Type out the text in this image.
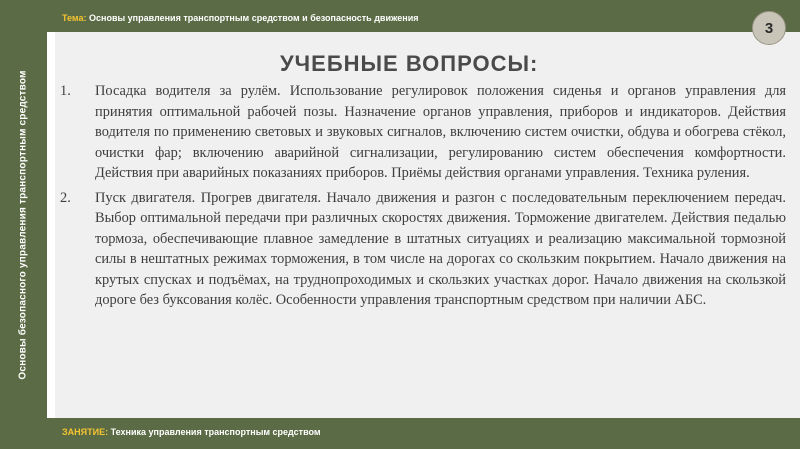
Основы безопасного управления транспортным средством
Тема: Основы управления транспортным средством и безопасность движения
3
УЧЕБНЫЕ ВОПРОСЫ:
1. Посадка водителя за рулём. Использование регулировок положения сиденья и органов управления для принятия оптимальной рабочей позы. Назначение органов управления, приборов и индикаторов. Действия водителя по применению световых и звуковых сигналов, включению систем очистки, обдува и обогрева стёкол, очистки фар; включению аварийной сигнализации, регулированию систем обеспечения комфортности. Действия при аварийных показаниях приборов. Приёмы действия органами управления. Техника руления.
2. Пуск двигателя. Прогрев двигателя. Начало движения и разгон с последовательным переключением передач. Выбор оптимальной передачи при различных скоростях движения. Торможение двигателем. Действия педалью тормоза, обеспечивающие плавное замедление в штатных ситуациях и реализацию максимальной тормозной силы в нештатных режимах торможения, в том числе на дорогах со скользким покрытием. Начало движения на крутых спусках и подъёмах, на труднопроходимых и скользких участках дорог. Начало движения на скользкой дороге без буксования колёс. Особенности управления транспортным средством при наличии АБС.
ЗАНЯТИЕ: Техника управления транспортным средством
